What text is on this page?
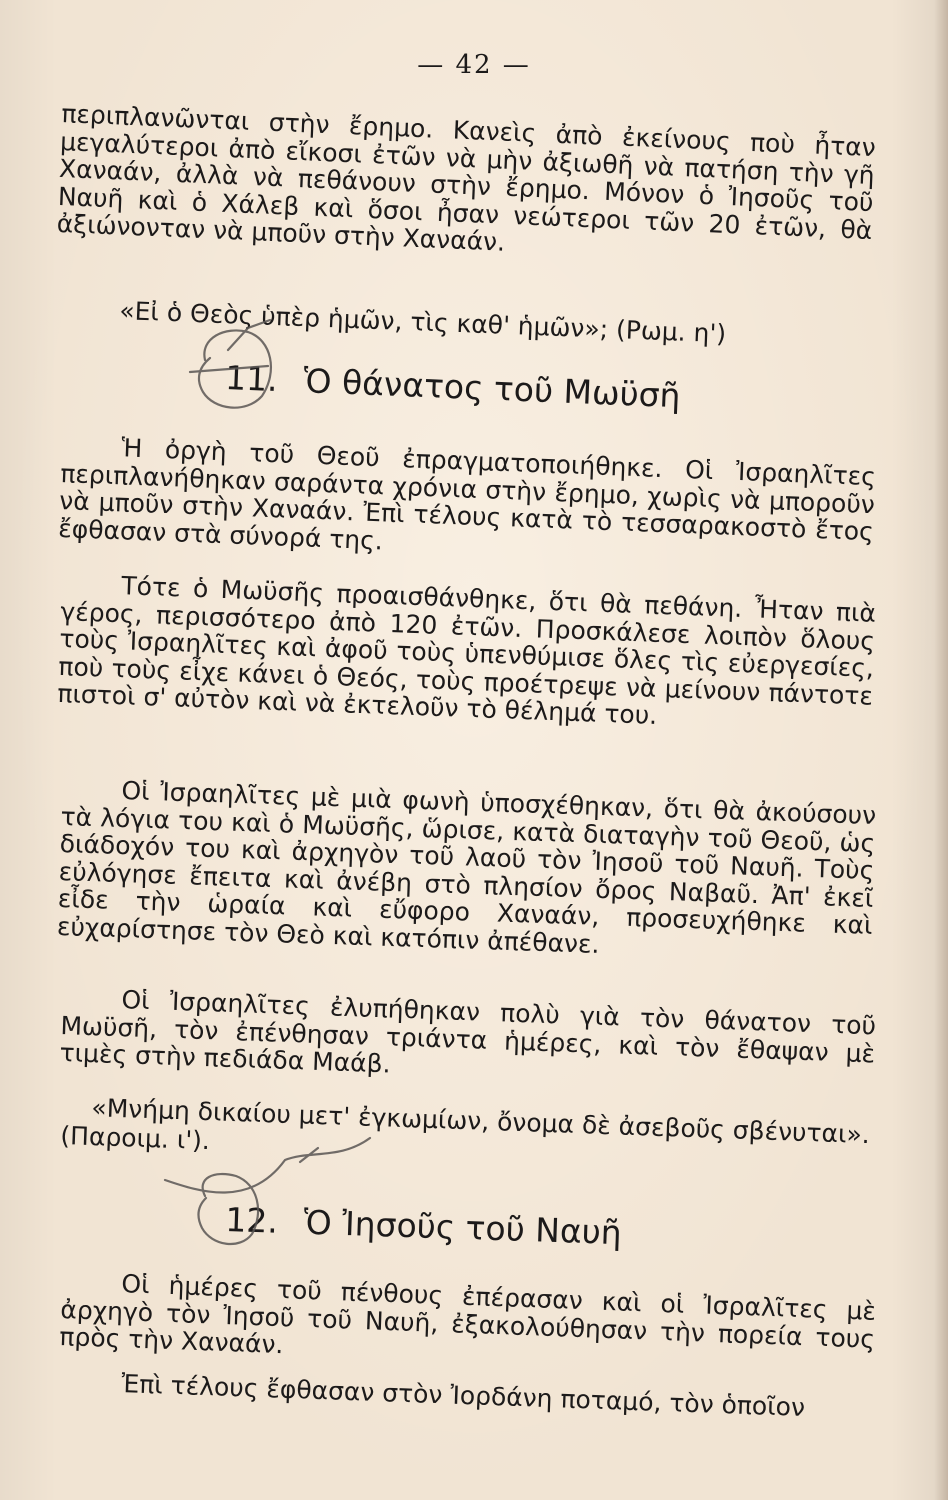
— 42 —

περιπλανῶνται στὴν ἔρημο. Κανεὶς ἀπὸ ἐκείνους ποὺ ἦταν μεγαλύτεροι ἀπὸ εἴκοσι ἐτῶν νὰ μὴν ἀξιωθῆ νὰ πατήση τὴν γῆ Χαναάν, ἀλλὰ νὰ πεθάνουν στὴν ἔρημο. Μόνον ὁ Ἰησοῦς τοῦ Ναυῆ καὶ ὁ Χάλεβ καὶ ὅσοι ἦσαν νεώτεροι τῶν 20 ἐτῶν, θὰ ἀξιώνονταν νὰ μποῦν στὴν Χαναάν.

«Εἰ ὁ Θεὸς ὑπὲρ ἡμῶν, τὶς καθ' ἡμῶν»; (Ρωμ. η')
11. Ὁ θάνατος τοῦ Μωϋσῆ

Ἡ ὀργὴ τοῦ Θεοῦ ἐπραγματοποιήθηκε. Οἱ Ἰσραηλῖτες περιπλανήθηκαν σαράντα χρόνια στὴν ἔρημο, χωρὶς νὰ μποροῦν νὰ μποῦν στὴν Χαναάν. Ἐπὶ τέλους κατὰ τὸ τεσσαρακοστὸ ἔτος ἔφθασαν στὰ σύνορά της.

Τότε ὁ Μωϋσῆς προαισθάνθηκε, ὅτι θὰ πεθάνη. Ἦταν πιὰ γέρος, περισσότερο ἀπὸ 120 ἐτῶν. Προσκάλεσε λοιπὸν ὅλους τοὺς Ἰσραηλῖτες καὶ ἀφοῦ τοὺς ὑπενθύμισε ὅλες τὶς εὐεργεσίες, ποὺ τοὺς εἶχε κάνει ὁ Θεός, τοὺς προέτρεψε νὰ μείνουν πάντοτε πιστοὶ σ' αὐτὸν καὶ νὰ ἐκτελοῦν τὸ θέλημά του.

Οἱ Ἰσραηλῖτες μὲ μιὰ φωνὴ ὑποσχέθηκαν, ὅτι θὰ ἀκούσουν τὰ λόγια του καὶ ὁ Μωϋσῆς, ὥρισε, κατὰ διαταγὴν τοῦ Θεοῦ, ὡς διάδοχόν του καὶ ἀρχηγὸν τοῦ λαοῦ τὸν Ἰησοῦ τοῦ Ναυῆ. Τοὺς εὐλόγησε ἔπειτα καὶ ἀνέβη στὸ πλησίον ὄρος Ναβαῦ. Ἀπ' ἐκεῖ εἶδε τὴν ὡραία καὶ εὔφορο Χαναάν, προσευχήθηκε καὶ εὐχαρίστησε τὸν Θεὸ καὶ κατόπιν ἀπέθανε.

Οἱ Ἰσραηλῖτες ἐλυπήθηκαν πολὺ γιὰ τὸν θάνατον τοῦ Μωϋσῆ, τὸν ἐπένθησαν τριάντα ἡμέρες, καὶ τὸν ἔθαψαν μὲ τιμὲς στὴν πεδιάδα Μαάβ.

«Μνήμη δικαίου μετ' ἐγκωμίων, ὄνομα δὲ ἀσεβοῦς σβένυται». (Παροιμ. ι').
12. Ὁ Ἰησοῦς τοῦ Ναυῆ

Οἱ ἡμέρες τοῦ πένθους ἐπέρασαν καὶ οἱ Ἰσραλῖτες μὲ ἀρχηγὸ τὸν Ἰησοῦ τοῦ Ναυῆ, ἐξακολούθησαν τὴν πορεία τους πρὸς τὴν Χαναάν.

Ἐπὶ τέλους ἔφθασαν στὸν Ἰορδάνη ποταμό, τὸν ὁποῖον
